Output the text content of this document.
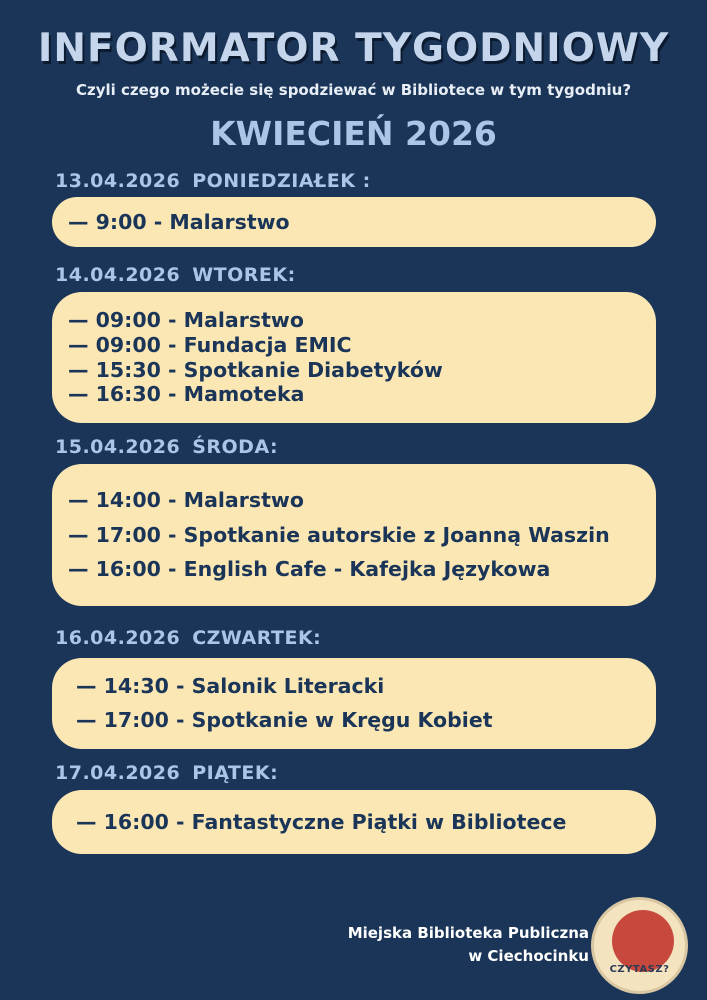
INFORMATOR TYGODNIOWY
Czyli czego możecie się spodziewać w Bibliotece w tym tygodniu?
KWIECIEŃ 2026
13.04.2026 PONIEDZIAŁEK :
— 9:00 - Malarstwo
14.04.2026 WTOREK:
— 09:00 - Malarstwo
— 09:00 - Fundacja EMIC
— 15:30 - Spotkanie Diabetyków
— 16:30 - Mamoteka
15.04.2026 ŚRODA:
— 14:00 - Malarstwo
— 17:00 - Spotkanie autorskie z Joanną Waszin
— 16:00 - English Cafe - Kafejka Językowa
16.04.2026 CZWARTEK:
— 14:30 - Salonik Literacki
— 17:00 - Spotkanie w Kręgu Kobiet
17.04.2026 PIĄTEK:
— 16:00 - Fantastyczne Piątki w Bibliotece
Miejska Biblioteka Publiczna
w Ciechocinku
CZYTASZ?
